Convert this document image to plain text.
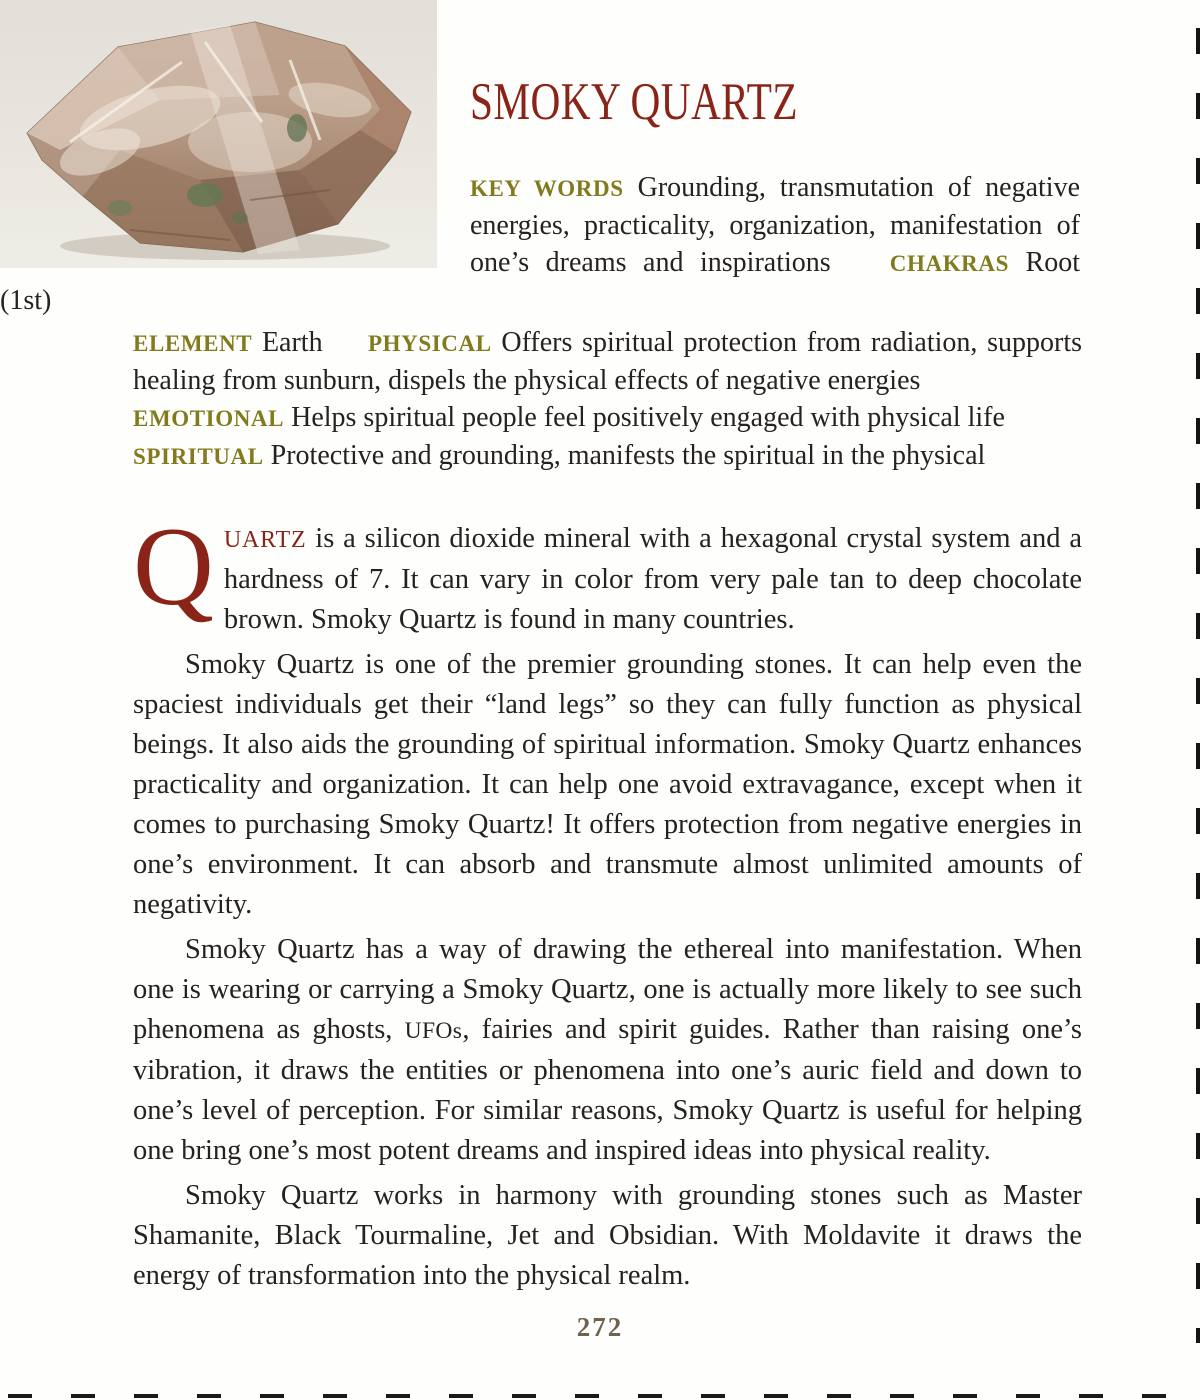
SMOKY QUARTZ

KEY WORDS Grounding, transmutation of negative energies, practicality, organization, manifestation of one’s dreams and inspirations	CHAKRAS Root (1st)

ELEMENT Earth PHYSICAL Offers spiritual protection from radiation, supports healing from sunburn, dispels the physical effects of negative energies

EMOTIONAL Helps spiritual people feel positively engaged with physical life

SPIRITUAL Protective and grounding, manifests the spiritual in the physical

QUARTZ is a silicon dioxide mineral with a hexagonal crystal system and a hardness of 7. It can vary in color from very pale tan to deep chocolate brown. Smoky Quartz is found in many countries.

Smoky Quartz is one of the premier grounding stones. It can help even the spaciest individuals get their “land legs” so they can fully function as physical beings. It also aids the grounding of spiritual information. Smoky Quartz enhances practicality and organization. It can help one avoid extravagance, except when it comes to purchasing Smoky Quartz! It offers protection from negative energies in one’s environment. It can absorb and transmute almost unlimited amounts of negativity.

Smoky Quartz has a way of drawing the ethereal into manifestation. When one is wearing or carrying a Smoky Quartz, one is actually more likely to see such phenomena as ghosts, UFOs, fairies and spirit guides. Rather than raising one’s vibration, it draws the entities or phenomena into one’s auric field and down to one’s level of perception. For similar reasons, Smoky Quartz is useful for helping one bring one’s most potent dreams and inspired ideas into physical reality.

Smoky Quartz works in harmony with grounding stones such as Master Shamanite, Black Tourmaline, Jet and Obsidian. With Moldavite it draws the energy of transformation into the physical realm.

272
